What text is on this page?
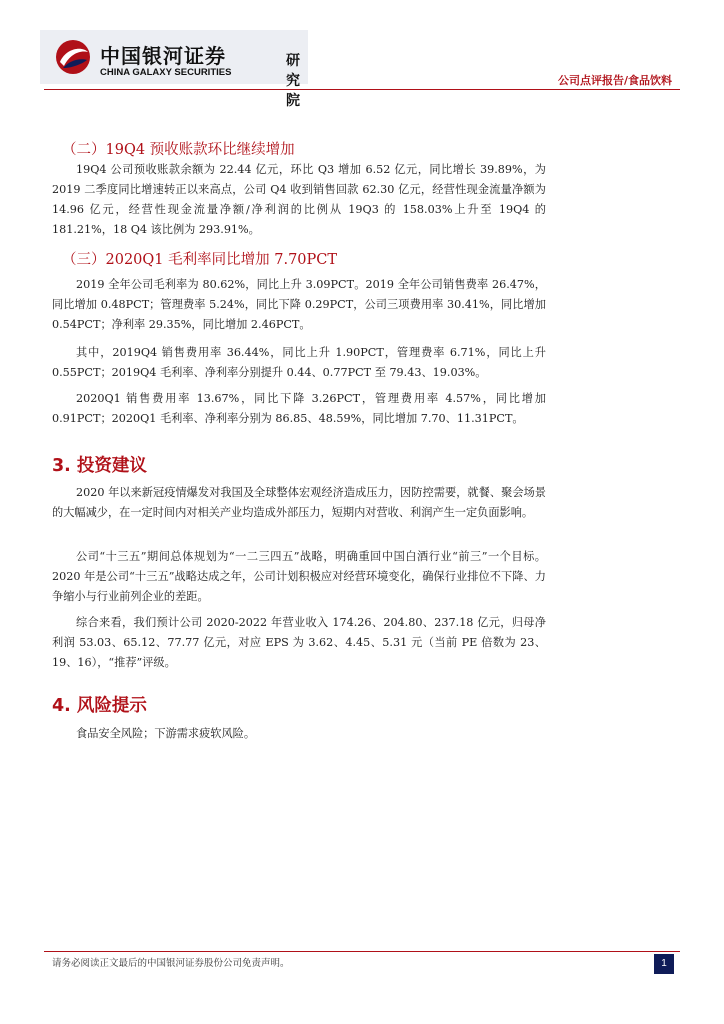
中国银河证券
CHINA GALAXY SECURITIES
研究院
公司点评报告/食品饮料
（二）19Q4 预收账款环比继续增加
19Q4 公司预收账款余额为 22.44 亿元，环比 Q3 增加 6.52 亿元，同比增长 39.89%，为 2019 二季度同比增速转正以来高点，公司 Q4 收到销售回款 62.30 亿元，经营性现金流量净额为 14.96 亿元，经营性现金流量净额/净利润的比例从 19Q3 的 158.03%上升至 19Q4 的 181.21%，18 Q4 该比例为 293.91%。
（三）2020Q1 毛利率同比增加 7.70PCT
2019 全年公司毛利率为 80.62%，同比上升 3.09PCT。2019 全年公司销售费率 26.47%，同比增加 0.48PCT；管理费率 5.24%，同比下降 0.29PCT，公司三项费用率 30.41%，同比增加 0.54PCT；净利率 29.35%，同比增加 2.46PCT。
其中，2019Q4 销售费用率 36.44%，同比上升 1.90PCT，管理费率 6.71%，同比上升 0.55PCT；2019Q4 毛利率、净利率分别提升 0.44、0.77PCT 至 79.43、19.03%。
2020Q1 销售费用率 13.67%，同比下降 3.26PCT，管理费用率 4.57%，同比增加 0.91PCT；2020Q1 毛利率、净利率分别为 86.85、48.59%，同比增加 7.70、11.31PCT。
3. 投资建议
2020 年以来新冠疫情爆发对我国及全球整体宏观经济造成压力，因防控需要，就餐、聚会场景的大幅减少，在一定时间内对相关产业均造成外部压力，短期内对营收、利润产生一定负面影响。
公司“十三五”期间总体规划为“一二三四五”战略，明确重回中国白酒行业“前三”一个目标。2020 年是公司“十三五”战略达成之年，公司计划积极应对经营环境变化，确保行业排位不下降、力争缩小与行业前列企业的差距。
综合来看，我们预计公司 2020-2022 年营业收入 174.26、204.80、237.18 亿元，归母净利润 53.03、65.12、77.77 亿元，对应 EPS 为 3.62、4.45、5.31 元（当前 PE 倍数为 23、19、16），“推荐”评级。
4. 风险提示
食品安全风险；下游需求疲软风险。
请务必阅读正文最后的中国银河证券股份公司免责声明。	1
